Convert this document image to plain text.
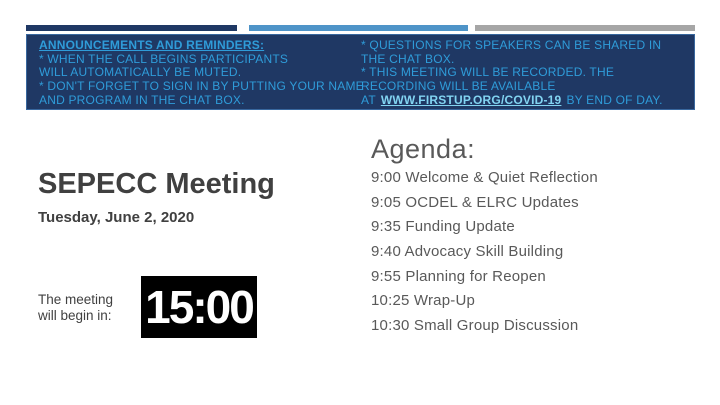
ANNOUNCEMENTS AND REMINDERS:
* WHEN THE CALL BEGINS PARTICIPANTS
WILL AUTOMATICALLY BE MUTED.
* DON'T FORGET TO SIGN IN BY PUTTING YOUR NAME
AND PROGRAM IN THE CHAT BOX.
* QUESTIONS FOR SPEAKERS CAN BE SHARED IN
THE CHAT BOX.
* THIS MEETING WILL BE RECORDED. THE
RECORDING WILL BE AVAILABLE
AT WWW.FIRSTUP.ORG/COVID-19 BY END OF DAY.
SEPECC Meeting
Tuesday, June 2, 2020
The meeting
will begin in: 15:00
Agenda:
9:00 Welcome & Quiet Reflection
9:05 OCDEL & ELRC Updates
9:35 Funding Update
9:40 Advocacy Skill Building
9:55 Planning for Reopen
10:25 Wrap-Up
10:30 Small Group Discussion
